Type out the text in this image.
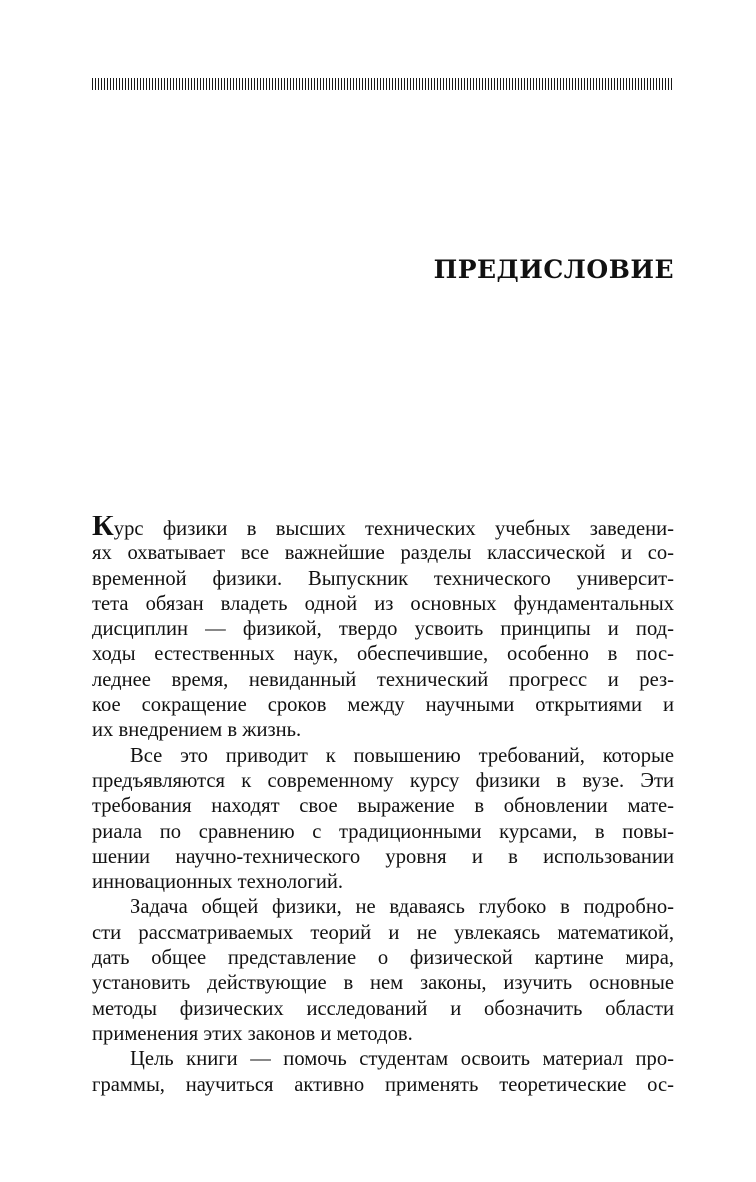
ПРЕДИСЛОВИЕ
Курс физики в высших технических учебных заведени-
ях охватывает все важнейшие разделы классической и со-
временной физики. Выпускник технического университ-
тета обязан владеть одной из основных фундаментальных
дисциплин — физикой, твердо усвоить принципы и под-
ходы естественных наук, обеспечившие, особенно в пос-
леднее время, невиданный технический прогресс и рез-
кое сокращение сроков между научными открытиями и
их внедрением в жизнь.
Все это приводит к повышению требований, которые
предъявляются к современному курсу физики в вузе. Эти
требования находят свое выражение в обновлении мате-
риала по сравнению с традиционными курсами, в повы-
шении научно-технического уровня и в использовании
инновационных технологий.
Задача общей физики, не вдаваясь глубоко в подробно-
сти рассматриваемых теорий и не увлекаясь математикой,
дать общее представление о физической картине мира,
установить действующие в нем законы, изучить основные
методы физических исследований и обозначить области
применения этих законов и методов.
Цель книги — помочь студентам освоить материал про-
граммы, научиться активно применять теоретические ос-
